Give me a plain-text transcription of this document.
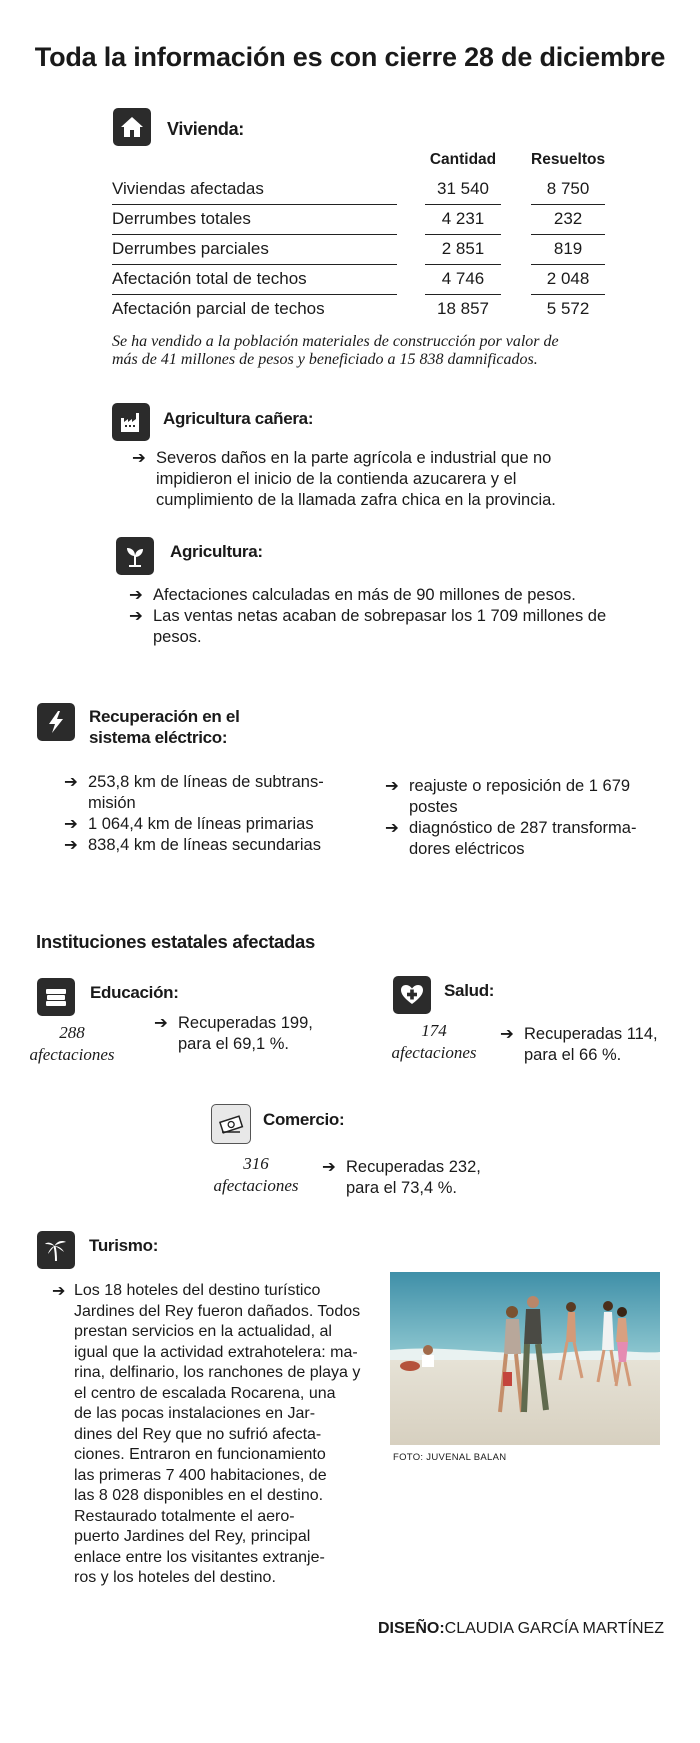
Toda la información es con cierre 28 de diciembre
Vivienda:
		Cantidad		Resueltos
Viviendas afectadas		31 540		8 750
Derrumbes totales		4 231		232
Derrumbes parciales		2 851		819
Afectación total de techos		4 746		2 048
Afectación parcial de techos		18 857		5 572
Se ha vendido a la población materiales de construcción por valor de
más de 41 millones de pesos y beneficiado a 15 838 damnificados.
Agricultura cañera:
➔ Severos daños en la parte agrícola e industrial que no impidieron el inicio de la contienda azucarera y el cumplimiento de la llamada zafra chica en la provincia.
Agricultura:
➔ Afectaciones calculadas en más de 90 millones de pesos.
➔ Las ventas netas acaban de sobrepasar los 1 709 millones de pesos.
Recuperación en el
sistema eléctrico:
➔ 253,8 km de líneas de subtrans-misión
➔ 1 064,4 km de líneas primarias
➔ 838,4 km de líneas secundarias
➔ reajuste o reposición de 1 679 postes
➔ diagnóstico de 287 transforma-dores eléctricos
Instituciones estatales afectadas
Educación:
288
afectaciones
➔ Recuperadas 199,
para el 69,1 %.
Salud:
174
afectaciones
➔ Recuperadas 114,
para el 66 %.
Comercio:
316
afectaciones
➔ Recuperadas 232,
para el 73,4 %.
Turismo:
➔ Los 18 hoteles del destino turístico
Jardines del Rey fueron dañados. Todos
prestan servicios en la actualidad, al
igual que la actividad extrahotelera: ma-
rina, delfinario, los ranchones de playa y
el centro de escalada Rocarena, una
de las pocas instalaciones en Jar-
dines del Rey que no sufrió afecta-
ciones. Entraron en funcionamiento
las primeras 7 400 habitaciones, de
las 8 028 disponibles en el destino.
Restaurado totalmente el aero-
puerto Jardines del Rey, principal
enlace entre los visitantes extranje-
ros y los hoteles del destino.
FOTO: JUVENAL BALAN
DISEÑO:CLAUDIA GARCÍA MARTÍNEZ
